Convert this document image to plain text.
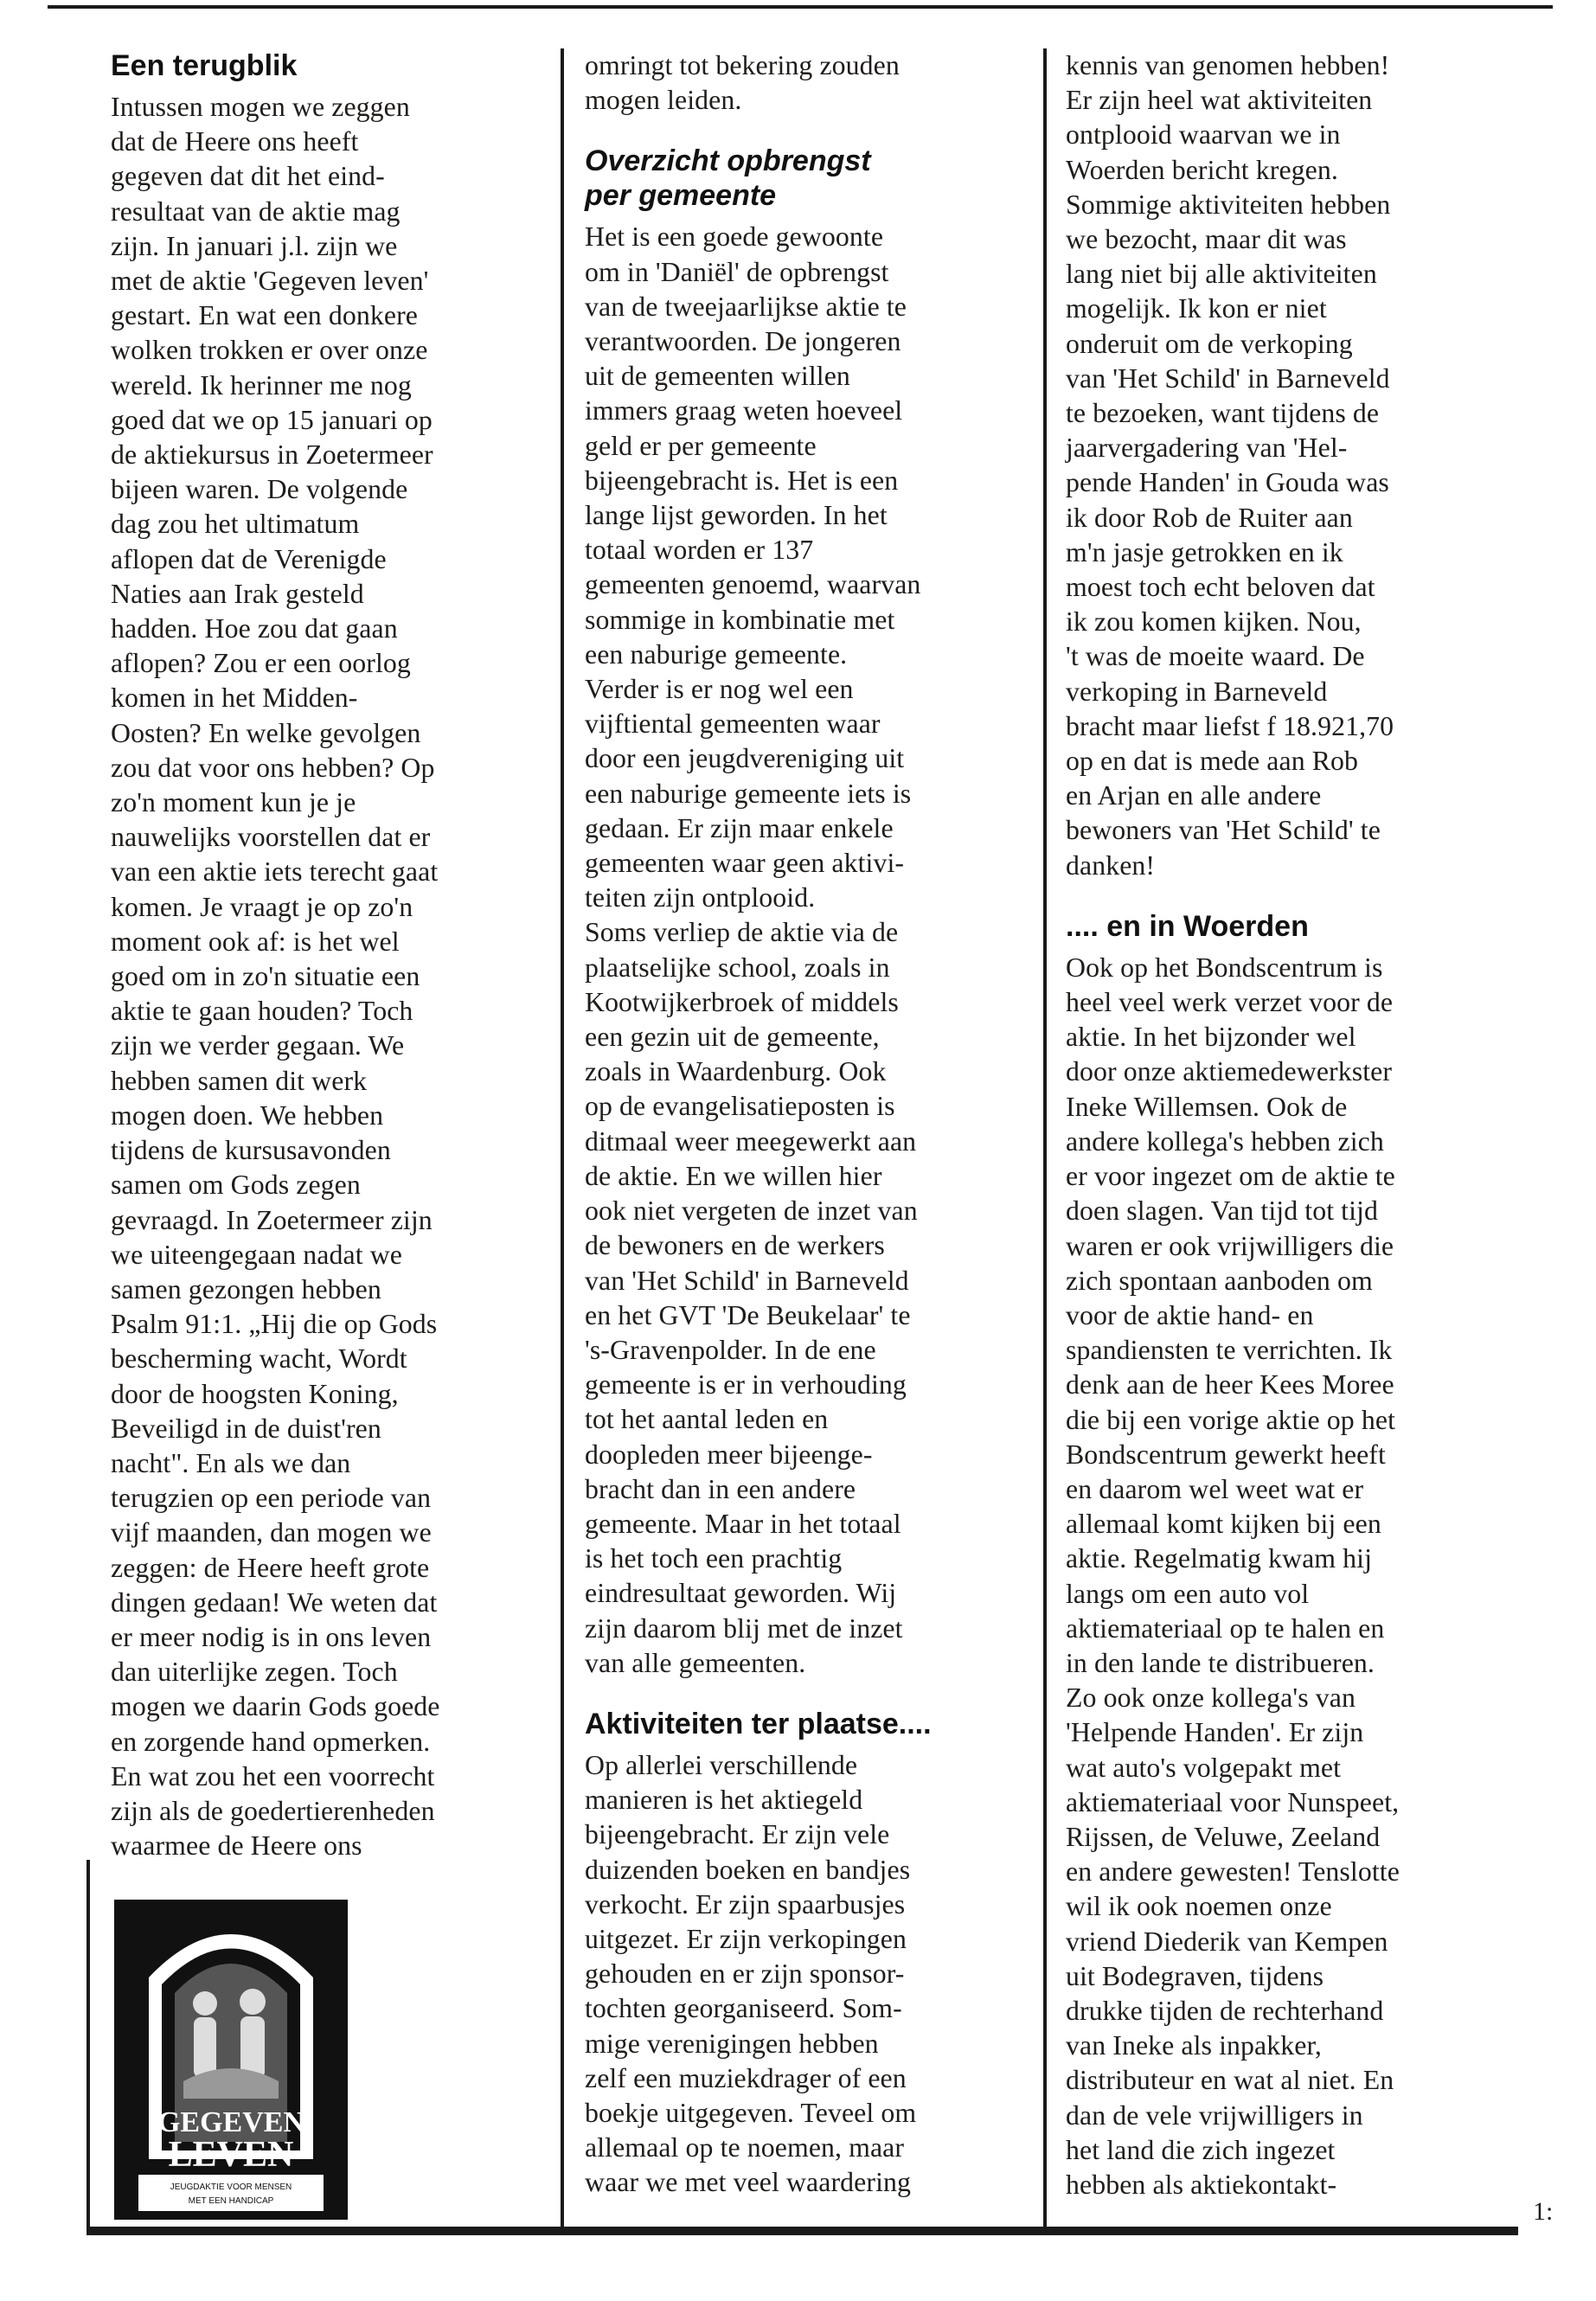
Een terugblik

Intussen mogen we zeggen
dat de Heere ons heeft
gegeven dat dit het eind-
resultaat van de aktie mag
zijn. In januari j.l. zijn we
met de aktie 'Gegeven leven'
gestart. En wat een donkere
wolken trokken er over onze
wereld. Ik herinner me nog
goed dat we op 15 januari op
de aktiekursus in Zoetermeer
bijeen waren. De volgende
dag zou het ultimatum
aflopen dat de Verenigde
Naties aan Irak gesteld
hadden. Hoe zou dat gaan
aflopen? Zou er een oorlog
komen in het Midden-
Oosten? En welke gevolgen
zou dat voor ons hebben? Op
zo'n moment kun je je
nauwelijks voorstellen dat er
van een aktie iets terecht gaat
komen. Je vraagt je op zo'n
moment ook af: is het wel
goed om in zo'n situatie een
aktie te gaan houden? Toch
zijn we verder gegaan. We
hebben samen dit werk
mogen doen. We hebben
tijdens de kursusavonden
samen om Gods zegen
gevraagd. In Zoetermeer zijn
we uiteengegaan nadat we
samen gezongen hebben
Psalm 91:1. „Hij die op Gods
bescherming wacht, Wordt
door de hoogsten Koning,
Beveiligd in de duist'ren
nacht". En als we dan
terugzien op een periode van
vijf maanden, dan mogen we
zeggen: de Heere heeft grote
dingen gedaan! We weten dat
er meer nodig is in ons leven
dan uiterlijke zegen. Toch
mogen we daarin Gods goede
en zorgende hand opmerken.
En wat zou het een voorrecht
zijn als de goedertierenheden
waarmee de Heere ons

GEGEVEN
LEVEN
JEUGDAKTIE VOOR MENSEN
MET EEN HANDICAP

omringt tot bekering zouden
mogen leiden.

Overzicht opbrengst
per gemeente

Het is een goede gewoonte
om in 'Daniël' de opbrengst
van de tweejaarlijkse aktie te
verantwoorden. De jongeren
uit de gemeenten willen
immers graag weten hoeveel
geld er per gemeente
bijeengebracht is. Het is een
lange lijst geworden. In het
totaal worden er 137
gemeenten genoemd, waarvan
sommige in kombinatie met
een naburige gemeente.
Verder is er nog wel een
vijftiental gemeenten waar
door een jeugdvereniging uit
een naburige gemeente iets is
gedaan. Er zijn maar enkele
gemeenten waar geen aktivi-
teiten zijn ontplooid.
Soms verliep de aktie via de
plaatselijke school, zoals in
Kootwijkerbroek of middels
een gezin uit de gemeente,
zoals in Waardenburg. Ook
op de evangelisatieposten is
ditmaal weer meegewerkt aan
de aktie. En we willen hier
ook niet vergeten de inzet van
de bewoners en de werkers
van 'Het Schild' in Barneveld
en het GVT 'De Beukelaar' te
's-Gravenpolder. In de ene
gemeente is er in verhouding
tot het aantal leden en
doopleden meer bijeenge-
bracht dan in een andere
gemeente. Maar in het totaal
is het toch een prachtig
eindresultaat geworden. Wij
zijn daarom blij met de inzet
van alle gemeenten.

Aktiviteiten ter plaatse....

Op allerlei verschillende
manieren is het aktiegeld
bijeengebracht. Er zijn vele
duizenden boeken en bandjes
verkocht. Er zijn spaarbusjes
uitgezet. Er zijn verkopingen
gehouden en er zijn sponsor-
tochten georganiseerd. Som-
mige verenigingen hebben
zelf een muziekdrager of een
boekje uitgegeven. Teveel om
allemaal op te noemen, maar
waar we met veel waardering

kennis van genomen hebben!
Er zijn heel wat aktiviteiten
ontplooid waarvan we in
Woerden bericht kregen.
Sommige aktiviteiten hebben
we bezocht, maar dit was
lang niet bij alle aktiviteiten
mogelijk. Ik kon er niet
onderuit om de verkoping
van 'Het Schild' in Barneveld
te bezoeken, want tijdens de
jaarvergadering van 'Hel-
pende Handen' in Gouda was
ik door Rob de Ruiter aan
m'n jasje getrokken en ik
moest toch echt beloven dat
ik zou komen kijken. Nou,
't was de moeite waard. De
verkoping in Barneveld
bracht maar liefst f 18.921,70
op en dat is mede aan Rob
en Arjan en alle andere
bewoners van 'Het Schild' te
danken!

.... en in Woerden

Ook op het Bondscentrum is
heel veel werk verzet voor de
aktie. In het bijzonder wel
door onze aktiemedewerkster
Ineke Willemsen. Ook de
andere kollega's hebben zich
er voor ingezet om de aktie te
doen slagen. Van tijd tot tijd
waren er ook vrijwilligers die
zich spontaan aanboden om
voor de aktie hand- en
spandiensten te verrichten. Ik
denk aan de heer Kees Moree
die bij een vorige aktie op het
Bondscentrum gewerkt heeft
en daarom wel weet wat er
allemaal komt kijken bij een
aktie. Regelmatig kwam hij
langs om een auto vol
aktiemateriaal op te halen en
in den lande te distribueren.
Zo ook onze kollega's van
'Helpende Handen'. Er zijn
wat auto's volgepakt met
aktiemateriaal voor Nunspeet,
Rijssen, de Veluwe, Zeeland
en andere gewesten! Tenslotte
wil ik ook noemen onze
vriend Diederik van Kempen
uit Bodegraven, tijdens
drukke tijden de rechterhand
van Ineke als inpakker,
distributeur en wat al niet. En
dan de vele vrijwilligers in
het land die zich ingezet
hebben als aktiekontakt-

1:
